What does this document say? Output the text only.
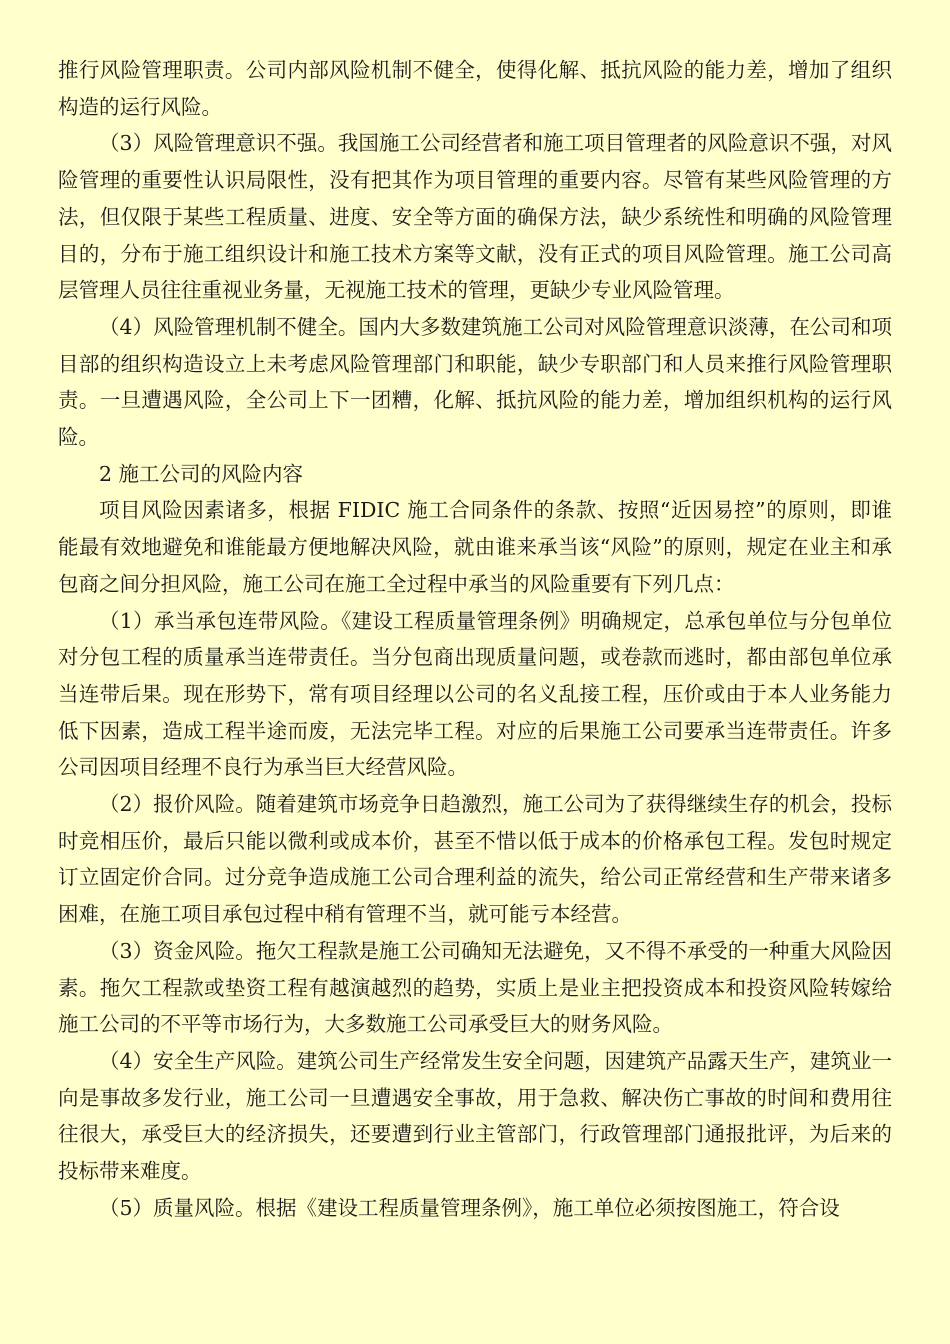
推行风险管理职责。公司内部风险机制不健全，使得化解、抵抗风险的能力差，增加了组织构造的运行风险。

（3）风险管理意识不强。我国施工公司经营者和施工项目管理者的风险意识不强，对风险管理的重要性认识局限性，没有把其作为项目管理的重要内容。尽管有某些风险管理的方法，但仅限于某些工程质量、进度、安全等方面的确保方法，缺少系统性和明确的风险管理目的，分布于施工组织设计和施工技术方案等文献，没有正式的项目风险管理。施工公司高层管理人员往往重视业务量，无视施工技术的管理，更缺少专业风险管理。

（4）风险管理机制不健全。国内大多数建筑施工公司对风险管理意识淡薄，在公司和项目部的组织构造设立上未考虑风险管理部门和职能，缺少专职部门和人员来推行风险管理职责。一旦遭遇风险，全公司上下一团糟，化解、抵抗风险的能力差，增加组织机构的运行风险。

2 施工公司的风险内容

项目风险因素诸多，根据 FIDIC 施工合同条件的条款、按照“近因易控”的原则，即谁能最有效地避免和谁能最方便地解决风险，就由谁来承当该“风险”的原则，规定在业主和承包商之间分担风险，施工公司在施工全过程中承当的风险重要有下列几点：

（1）承当承包连带风险。《建设工程质量管理条例》明确规定，总承包单位与分包单位对分包工程的质量承当连带责任。当分包商出现质量问题，或卷款而逃时，都由部包单位承当连带后果。现在形势下，常有项目经理以公司的名义乱接工程，压价或由于本人业务能力低下因素，造成工程半途而废，无法完毕工程。对应的后果施工公司要承当连带责任。许多公司因项目经理不良行为承当巨大经营风险。

（2）报价风险。随着建筑市场竞争日趋激烈，施工公司为了获得继续生存的机会，投标时竞相压价，最后只能以微利或成本价，甚至不惜以低于成本的价格承包工程。发包时规定订立固定价合同。过分竞争造成施工公司合理利益的流失，给公司正常经营和生产带来诸多困难，在施工项目承包过程中稍有管理不当，就可能亏本经营。

（3）资金风险。拖欠工程款是施工公司确知无法避免，又不得不承受的一种重大风险因素。拖欠工程款或垫资工程有越演越烈的趋势，实质上是业主把投资成本和投资风险转嫁给施工公司的不平等市场行为，大多数施工公司承受巨大的财务风险。

（4）安全生产风险。建筑公司生产经常发生安全问题，因建筑产品露天生产，建筑业一向是事故多发行业，施工公司一旦遭遇安全事故，用于急救、解决伤亡事故的时间和费用往往很大，承受巨大的经济损失，还要遭到行业主管部门，行政管理部门通报批评，为后来的投标带来难度。

（5）质量风险。根据《建设工程质量管理条例》，施工单位必须按图施工，符合设
